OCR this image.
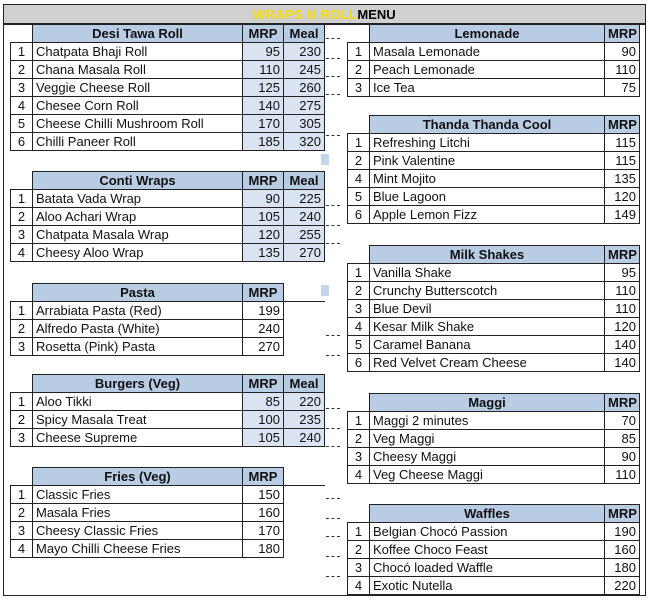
WRAPS N ROLL MENU
	Desi Tawa Roll	MRP	Meal
1	Chatpata Bhaji Roll	95	230
2	Chana Masala Roll	110	245
3	Veggie Cheese Roll	125	260
4	Chesee Corn Roll	140	275
5	Cheese Chilli Mushroom Roll	170	305
6	Chilli Paneer Roll	185	320
	Conti Wraps	MRP	Meal
1	Batata Vada Wrap	90	225
2	Aloo Achari Wrap	105	240
3	Chatpata Masala Wrap	120	255
4	Cheesy Aloo Wrap	135	270
	Pasta	MRP	
1	Arrabiata Pasta (Red)	199	
2	Alfredo Pasta (White)	240	
3	Rosetta (Pink) Pasta	270	
	Burgers (Veg)	MRP	Meal
1	Aloo Tikki	85	220
2	Spicy Masala Treat	100	235
3	Cheese Supreme	105	240
	Fries (Veg)	MRP	
1	Classic Fries	150	
2	Masala Fries	160	
3	Cheesy Classic Fries	170	
4	Mayo Chilli Cheese Fries	180	
	Lemonade	MRP
1	Masala Lemonade	90
2	Peach Lemonade	110
3	Ice Tea	75
	Thanda Thanda Cool	MRP
1	Refreshing Litchi	115
2	Pink Valentine	115
4	Mint Mojito	135
5	Blue Lagoon	120
6	Apple Lemon Fizz	149
	Milk Shakes	MRP
1	Vanilla Shake	95
2	Crunchy Butterscotch	110
3	Blue Devil	110
4	Kesar Milk Shake	120
5	Caramel Banana	140
6	Red Velvet Cream Cheese	140
	Maggi	MRP
1	Maggi 2 minutes	70
2	Veg Maggi	85
3	Cheesy Maggi	90
4	Veg Cheese Maggi	110
	Waffles	MRP
1	Belgian Chocó Passion	190
2	Koffee Choco Feast	160
3	Chocó loaded Waffle	180
4	Exotic Nutella	220
